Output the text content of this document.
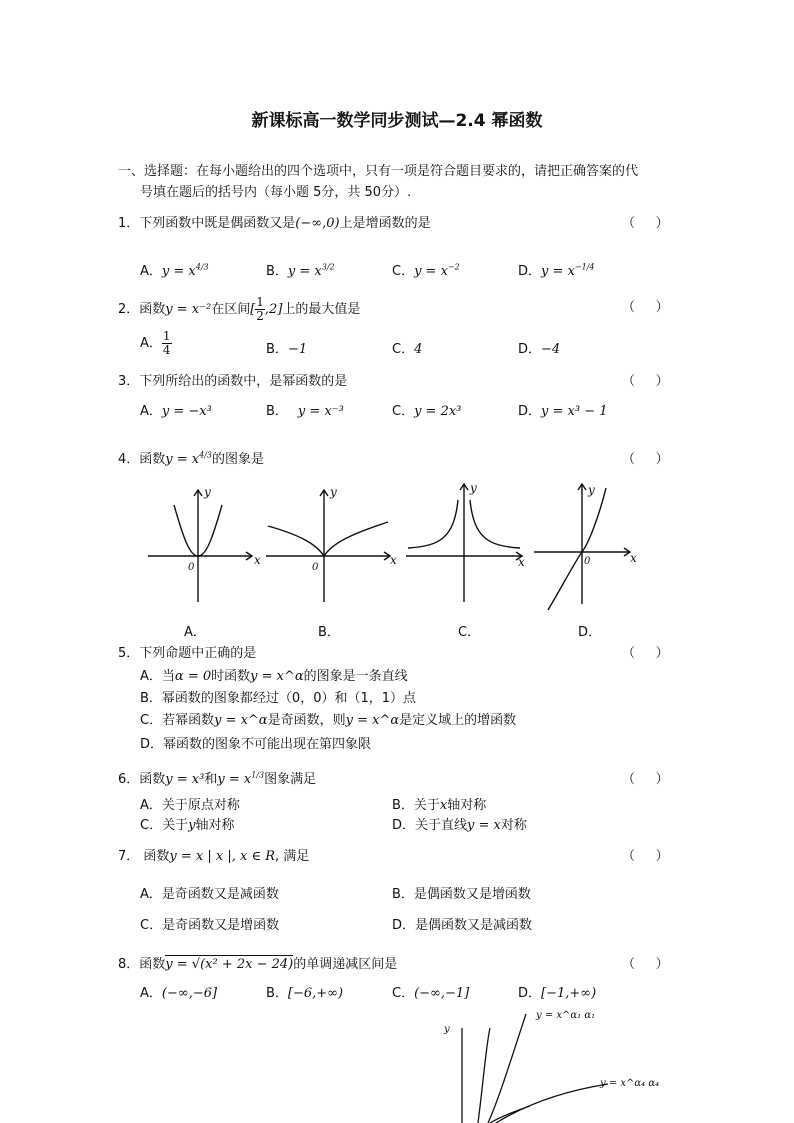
新课标高一数学同步测试—2.4 幂函数
一、选择题：在每小题给出的四个选项中，只有一项是符合题目要求的，请把正确答案的代
号填在题后的括号内（每小题 5分，共 50分）.
1．下列函数中既是偶函数又是(−∞,0)上是增函数的是	（     ）
A．$y = x^{4/3}$	B．$y = x^{3/2}$	C．$y = x^{-2}$	D．$y = x^{-1/4}$
2．函数y = x⁻²在区间[ $\frac{1}{2} ,2$]上的最大值是	（     ）
A． $\frac{1}{4}$	B．−1	C．4	D．−4
3．下列所给出的函数中，是幂函数的是	（     ）
A．y = −x³	B． y = x⁻³	C．y = 2x³	D．y = x³ − 1
4．函数$y = x^{4/3}$的图象是	（     ）
y
x
0
y
x
0
y
x
y
x
0
A．	B．	C．	D．
5．下列命题中正确的是	（     ）
A．当α = 0时函数y = x^α的图象是一条直线
B．幂函数的图象都经过（0，0）和（1，1）点
C．若幂函数y = x^α是奇函数，则y = x^α是定义域上的增函数
D．幂函数的图象不可能出现在第四象限
6．函数y = x³和$y = x^{1/3}$图象满足	（     ）
A．关于原点对称	B．关于x轴对称
C．关于y轴对称	D．关于直线y = x对称
7． 函数y = x | x |, x ∈ R, 满足	（     ）
A．是奇函数又是减函数	B．是偶函数又是增函数
C．是奇函数又是增函数	D．是偶函数又是减函数
8．函数y = √(x² + 2x − 24)的单调递减区间是	（     ）
A．(−∞,−6]	B．[−6,+∞)	C．(−∞,−1]	D．[−1,+∞)
y
y = x^α₁ α₁
y = x^α₄ α₄
